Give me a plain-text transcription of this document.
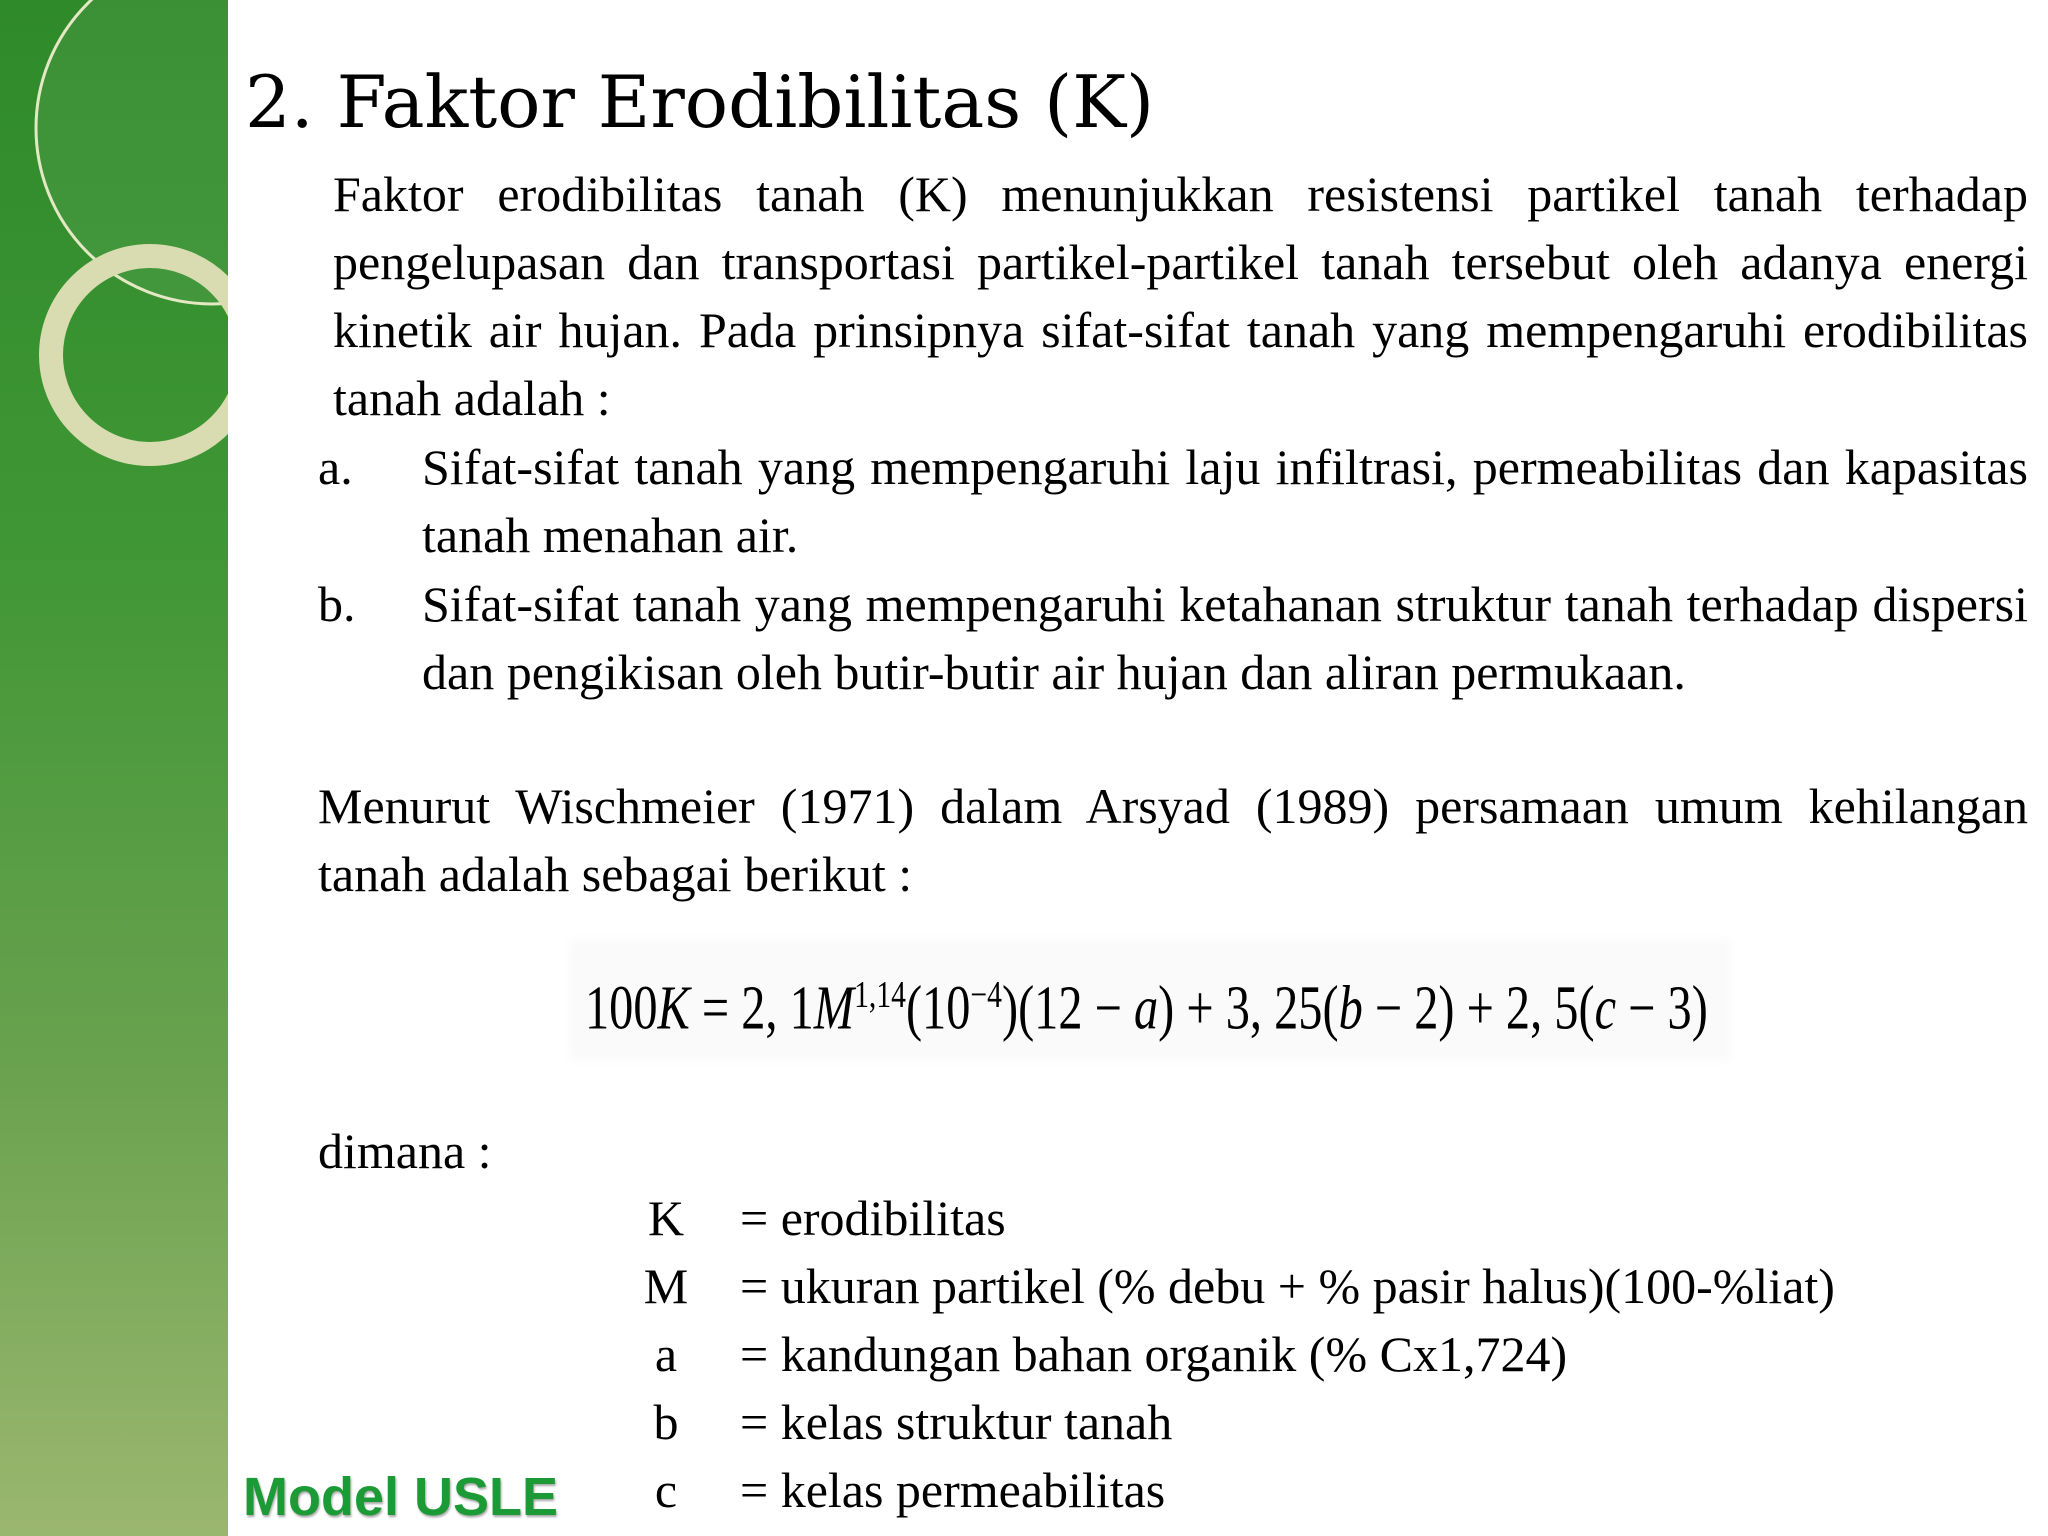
2. Faktor Erodibilitas (K)

Faktor erodibilitas tanah (K) menunjukkan resistensi partikel tanah terhadap pengelupasan dan transportasi partikel-partikel tanah tersebut oleh adanya energi kinetik air hujan. Pada prinsipnya sifat-sifat tanah yang mempengaruhi erodibilitas tanah adalah :

a. Sifat-sifat tanah yang mempengaruhi laju infiltrasi, permeabilitas dan kapasitas tanah menahan air.
b. Sifat-sifat tanah yang mempengaruhi ketahanan struktur tanah terhadap dispersi dan pengikisan oleh butir-butir air hujan dan aliran permukaan.

Menurut Wischmeier (1971) dalam Arsyad (1989) persamaan umum kehilangan tanah adalah sebagai berikut :

100K = 2, $1M^{1,14}(10^{-4})(12 - a) + 3$, 25(b − 2) + 2, 5(c − 3)
dimana :
K = erodibilitas
M = ukuran partikel (% debu + % pasir halus)(100-%liat)
a = kandungan bahan organik (% Cx1,724)
b = kelas struktur tanah
c = kelas permeabilitas
Model USLE
